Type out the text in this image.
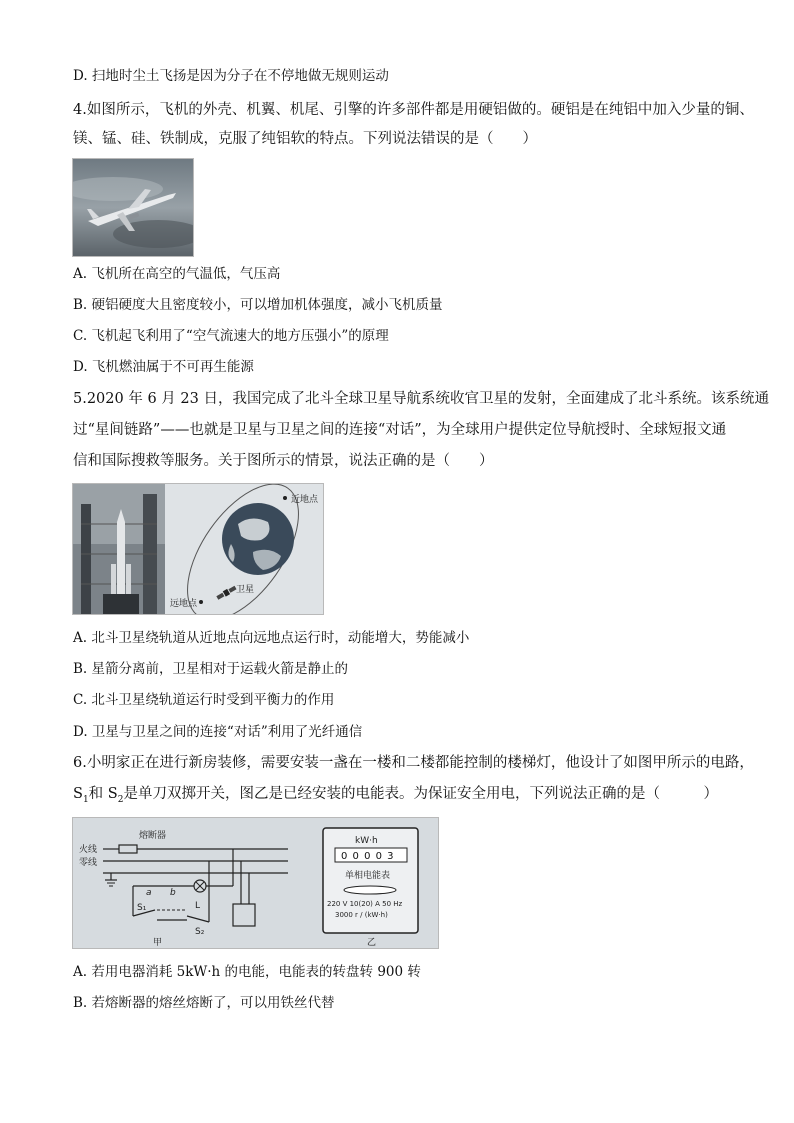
D. 扫地时尘土飞扬是因为分子在不停地做无规则运动
4.如图所示，飞机的外壳、机翼、机尾、引擎的许多部件都是用硬铝做的。硬铝是在纯铝中加入少量的铜、
镁、锰、硅、铁制成，克服了纯铝软的特点。下列说法错误的是（　　）
A. 飞机所在高空的气温低，气压高
B. 硬铝硬度大且密度较小，可以增加机体强度，减小飞机质量
C. 飞机起飞利用了“空气流速大的地方压强小”的原理
D. 飞机燃油属于不可再生能源
5.2020 年 6 月 23 日，我国完成了北斗全球卫星导航系统收官卫星的发射，全面建成了北斗系统。该系统通
过“星间链路”——也就是卫星与卫星之间的连接“对话”，为全球用户提供定位导航授时、全球短报文通
信和国际搜救等服务。关于图所示的情景，说法正确的是（　　）
近地点
远地点
卫星
A. 北斗卫星绕轨道从近地点向远地点运行时，动能增大，势能减小
B. 星箭分离前，卫星相对于运载火箭是静止的
C. 北斗卫星绕轨道运行时受到平衡力的作用
D. 卫星与卫星之间的连接“对话”利用了光纤通信
6.小明家正在进行新房装修，需要安装一盏在一楼和二楼都能控制的楼梯灯，他设计了如图甲所示的电路，
$S_1$和 $S_2$是单刀双掷开关，图乙是已经安装的电能表。为保证安全用电，下列说法正确的是（　　　）
熔断器
火线
零线
a b
L
S₁
S₂
甲
kW·h
0 0 0 0 3
单相电能表
220 V 10(20) A 50 Hz
3000 r / (kW·h)
乙
A. 若用电器消耗 5kW·h 的电能，电能表的转盘转 900 转
B. 若熔断器的熔丝熔断了，可以用铁丝代替
